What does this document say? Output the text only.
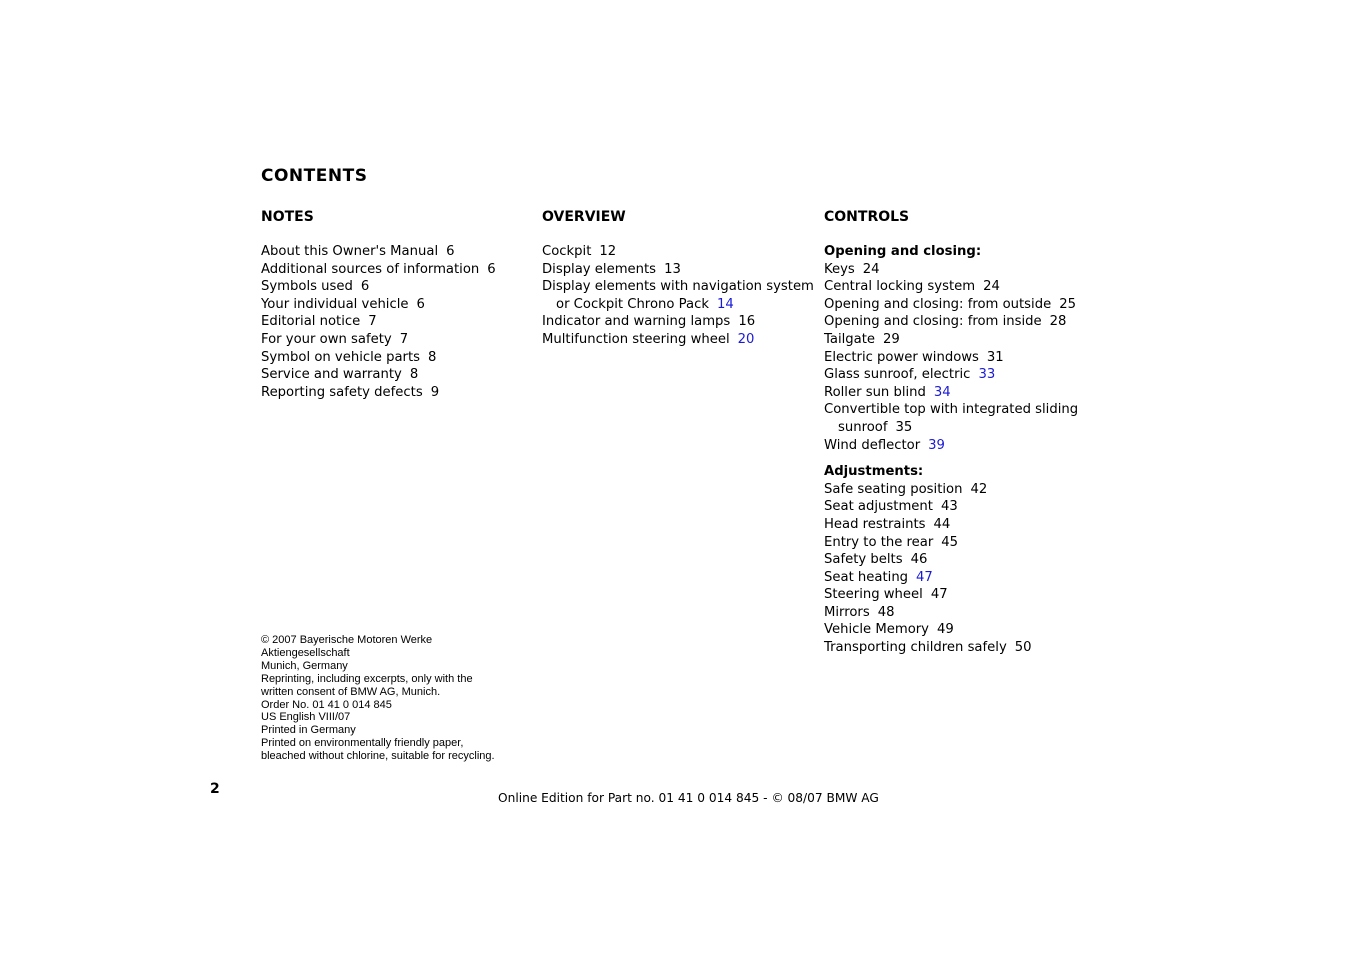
CONTENTS
NOTES
About this Owner's Manual 6
Additional sources of information 6
Symbols used 6
Your individual vehicle 6
Editorial notice 7
For your own safety 7
Symbol on vehicle parts 8
Service and warranty 8
Reporting safety defects 9
OVERVIEW
Cockpit 12
Display elements 13
Display elements with navigation system
or Cockpit Chrono Pack 14
Indicator and warning lamps 16
Multifunction steering wheel 20
CONTROLS
Opening and closing:
Keys 24
Central locking system 24
Opening and closing: from outside 25
Opening and closing: from inside 28
Tailgate 29
Electric power windows 31
Glass sunroof, electric 33
Roller sun blind 34
Convertible top with integrated sliding
sunroof 35
Wind deflector 39
Adjustments:
Safe seating position 42
Seat adjustment 43
Head restraints 44
Entry to the rear 45
Safety belts 46
Seat heating 47
Steering wheel 47
Mirrors 48
Vehicle Memory 49
Transporting children safely 50
© 2007 Bayerische Motoren Werke
Aktiengesellschaft
Munich, Germany
Reprinting, including excerpts, only with the
written consent of BMW AG, Munich.
Order No. 01 41 0 014 845
US English VIII/07
Printed in Germany
Printed on environmentally friendly paper,
bleached without chlorine, suitable for recycling.
2
Online Edition for Part no. 01 41 0 014 845 - © 08/07 BMW AG
